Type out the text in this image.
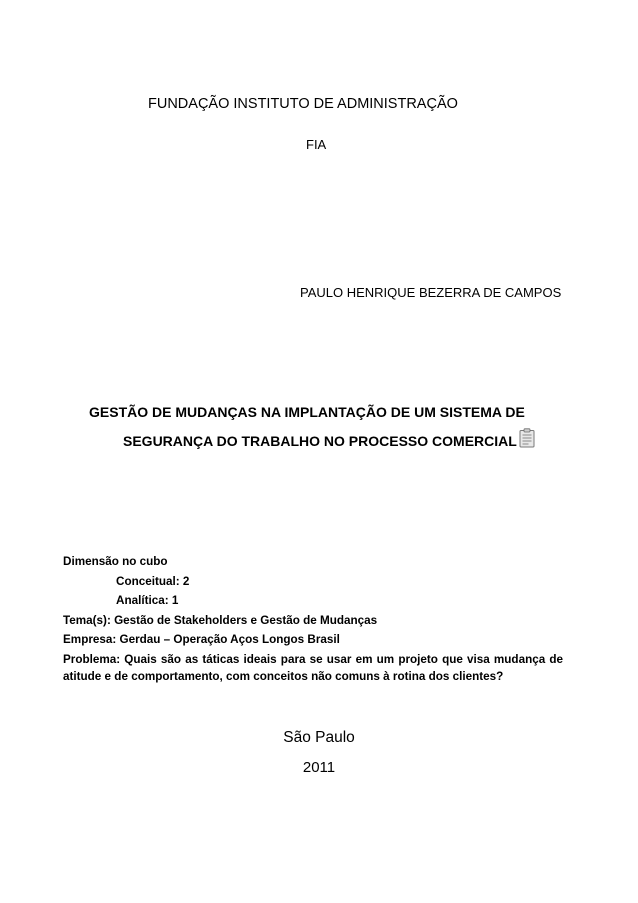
FUNDAÇÃO INSTITUTO DE ADMINISTRAÇÃO
FIA
PAULO HENRIQUE BEZERRA DE CAMPOS
GESTÃO DE MUDANÇAS NA IMPLANTAÇÃO DE UM SISTEMA DE
SEGURANÇA DO TRABALHO NO PROCESSO COMERCIAL
Dimensão no cubo
Conceitual: 2
Analítica: 1
Tema(s): Gestão de Stakeholders e Gestão de Mudanças
Empresa: Gerdau – Operação Aços Longos Brasil
Problema: Quais são as táticas ideais para se usar em um projeto que visa mudança de atitude e de comportamento, com conceitos não comuns à rotina dos clientes?
São Paulo
2011
